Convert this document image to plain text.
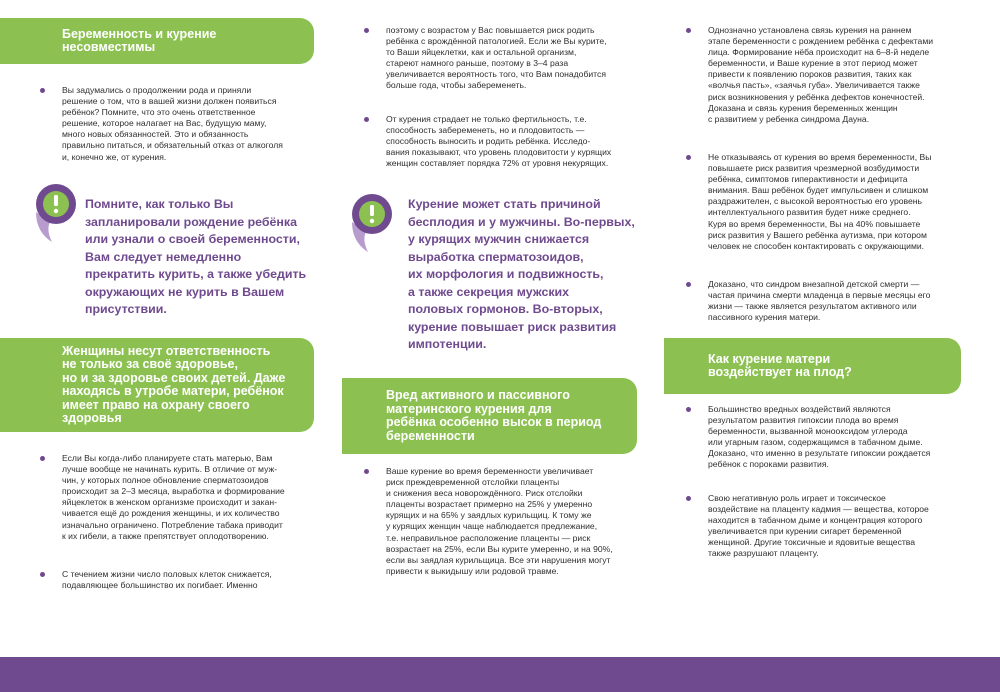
Беременность и курение
несовместимы
Вы задумались о продолжении рода и приняли
решение о том, что в вашей жизни должен появиться
ребёнок? Помните, что это очень ответственное
решение, которое налагает на Вас, будущую маму,
много новых обязанностей. Это и обязанность
правильно питаться, и обязательный отказ от алкоголя
и, конечно же, от курения.
Помните, как только Вы
запланировали рождение ребёнка
или узнали о своей беременности,
Вам следует немедленно
прекратить курить, а также убедить
окружающих не курить в Вашем
присутствии.
Женщины несут ответственность
не только за своё здоровье,
но и за здоровье своих детей. Даже
находясь в утробе матери, ребёнок
имеет право на охрану своего
здоровья
Если Вы когда-либо планируете стать матерью, Вам
лучше вообще не начинать курить. В отличие от муж-
чин, у которых полное обновление сперматозоидов
происходит за 2–3 месяца, выработка и формирование
яйцеклеток в женском организме происходит и закан-
чивается ещё до рождения женщины, и их количество
изначально ограничено. Потребление табака приводит
к их гибели, а также препятствует оплодотворению.
С течением жизни число половых клеток снижается,
подавляющее большинство их погибает. Именно
поэтому с возрастом у Вас повышается риск родить
ребёнка с врождённой патологией. Если же Вы курите,
то Ваши яйцеклетки, как и остальной организм,
стареют намного раньше, поэтому в 3–4 раза
увеличивается вероятность того, что Вам понадобится
больше года, чтобы забеременеть.
От курения страдает не только фертильность, т.е.
способность забеременеть, но и плодовитость —
способность выносить и родить ребёнка. Исследо-
вания показывают, что уровень плодовитости у курящих
женщин составляет порядка 72% от уровня некурящих.
Курение может стать причиной
бесплодия и у мужчины. Во-первых,
у курящих мужчин снижается
выработка сперматозоидов,
их морфология и подвижность,
а также секреция мужских
половых гормонов. Во-вторых,
курение повышает риск развития
импотенции.
Вред активного и пассивного
материнского курения для
ребёнка особенно высок в период
беременности
Ваше курение во время беременности увеличивает
риск преждевременной отслойки плаценты
и снижения веса новорождённого. Риск отслойки
плаценты возрастает примерно на 25% у умеренно
курящих и на 65% у заядлых курильщиц. К тому же
у курящих женщин чаще наблюдается предлежание,
т.е. неправильное расположение плаценты — риск
возрастает на 25%, если Вы курите умеренно, и на 90%,
если вы заядлая курильщица. Все эти нарушения могут
привести к выкидышу или родовой травме.
Однозначно установлена связь курения на раннем
этапе беременности с рождением ребёнка с дефектами
лица. Формирование нёба происходит на 6–8-й неделе
беременности, и Ваше курение в этот период может
привести к появлению пороков развития, таких как
«волчья пасть», «заячья губа». Увеличивается также
риск возникновения у ребёнка дефектов конечностей.
Доказана и связь курения беременных женщин
с развитием у ребенка синдрома Дауна.
Не отказываясь от курения во время беременности, Вы
повышаете риск развития чрезмерной возбудимости
ребёнка, симптомов гиперактивности и дефицита
внимания. Ваш ребёнок будет импульсивен и слишком
раздражителен, с высокой вероятностью его уровень
интеллектуального развития будет ниже среднего.
Куря во время беременности, Вы на 40% повышаете
риск развития у Вашего ребёнка аутизма, при котором
человек не способен контактировать с окружающими.
Доказано, что синдром внезапной детской смерти —
частая причина смерти младенца в первые месяцы его
жизни — также является результатом активного или
пассивного курения матери.
Как курение матери
воздействует на плод?
Большинство вредных воздействий являются
результатом развития гипоксии плода во время
беременности, вызванной монооксидом углерода
или угарным газом, содержащимся в табачном дыме.
Доказано, что именно в результате гипоксии рождается
ребёнок с пороками развития.
Свою негативную роль играет и токсическое
воздействие на плаценту кадмия — вещества, которое
находится в табачном дыме и концентрация которого
увеличивается при курении сигарет беременной
женщиной. Другие токсичные и ядовитые вещества
также разрушают плаценту.
